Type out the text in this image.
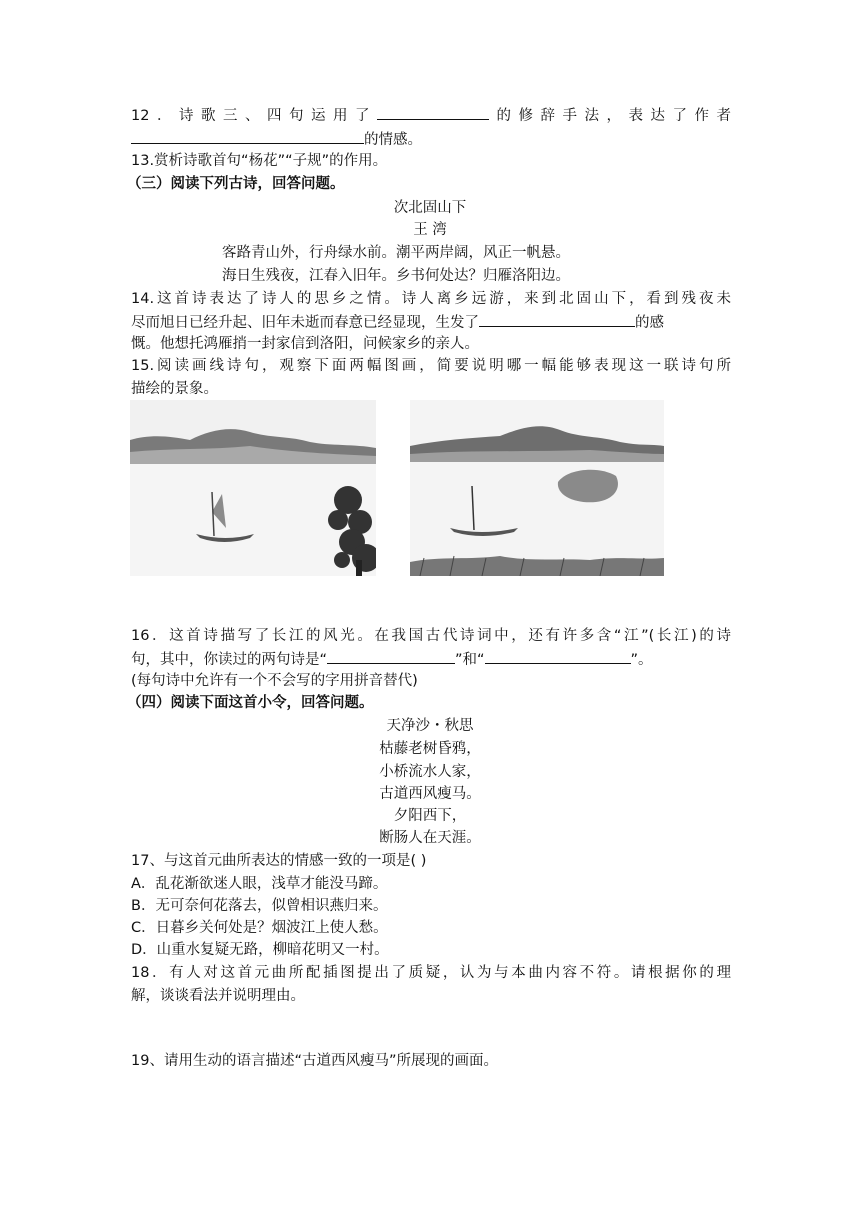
12．诗歌三、四句运用了	的修辞手法，表达了作者
的情感。
13.赏析诗歌首句“杨花”“子规”的作用。
（三）阅读下列古诗，回答问题。
次北固山下
王 湾
客路青山外，行舟绿水前。潮平两岸阔，风正一帆悬。
海日生残夜，江春入旧年。乡书何处达？归雁洛阳边。
14.这首诗表达了诗人的思乡之情。诗人离乡远游，来到北固山下，看到残夜未
尽而旭日已经升起、旧年未逝而春意已经显现，生发了	的感
慨。他想托鸿雁捎一封家信到洛阳，问候家乡的亲人。
15.阅读画线诗句，观察下面两幅图画，简要说明哪一幅能够表现这一联诗句所
描绘的景象。
16．这首诗描写了长江的风光。在我国古代诗词中，还有许多含“江”(长江)的诗
句，其中，你读过的两句诗是“	”和“	”。
(每句诗中允许有一个不会写的字用拼音替代)
（四）阅读下面这首小令，回答问题。
天净沙・秋思
枯藤老树昏鸦，
小桥流水人家，
古道西风瘦马。
夕阳西下，
断肠人在天涯。
17、与这首元曲所表达的情感一致的一项是( )
A．乱花渐欲迷人眼，浅草才能没马蹄。
B．无可奈何花落去，似曾相识燕归来。
C．日暮乡关何处是？烟波江上使人愁。
D．山重水复疑无路，柳暗花明又一村。
18．有人对这首元曲所配插图提出了质疑，认为与本曲内容不符。请根据你的理
解，谈谈看法并说明理由。
19、请用生动的语言描述“古道西风瘦马”所展现的画面。
